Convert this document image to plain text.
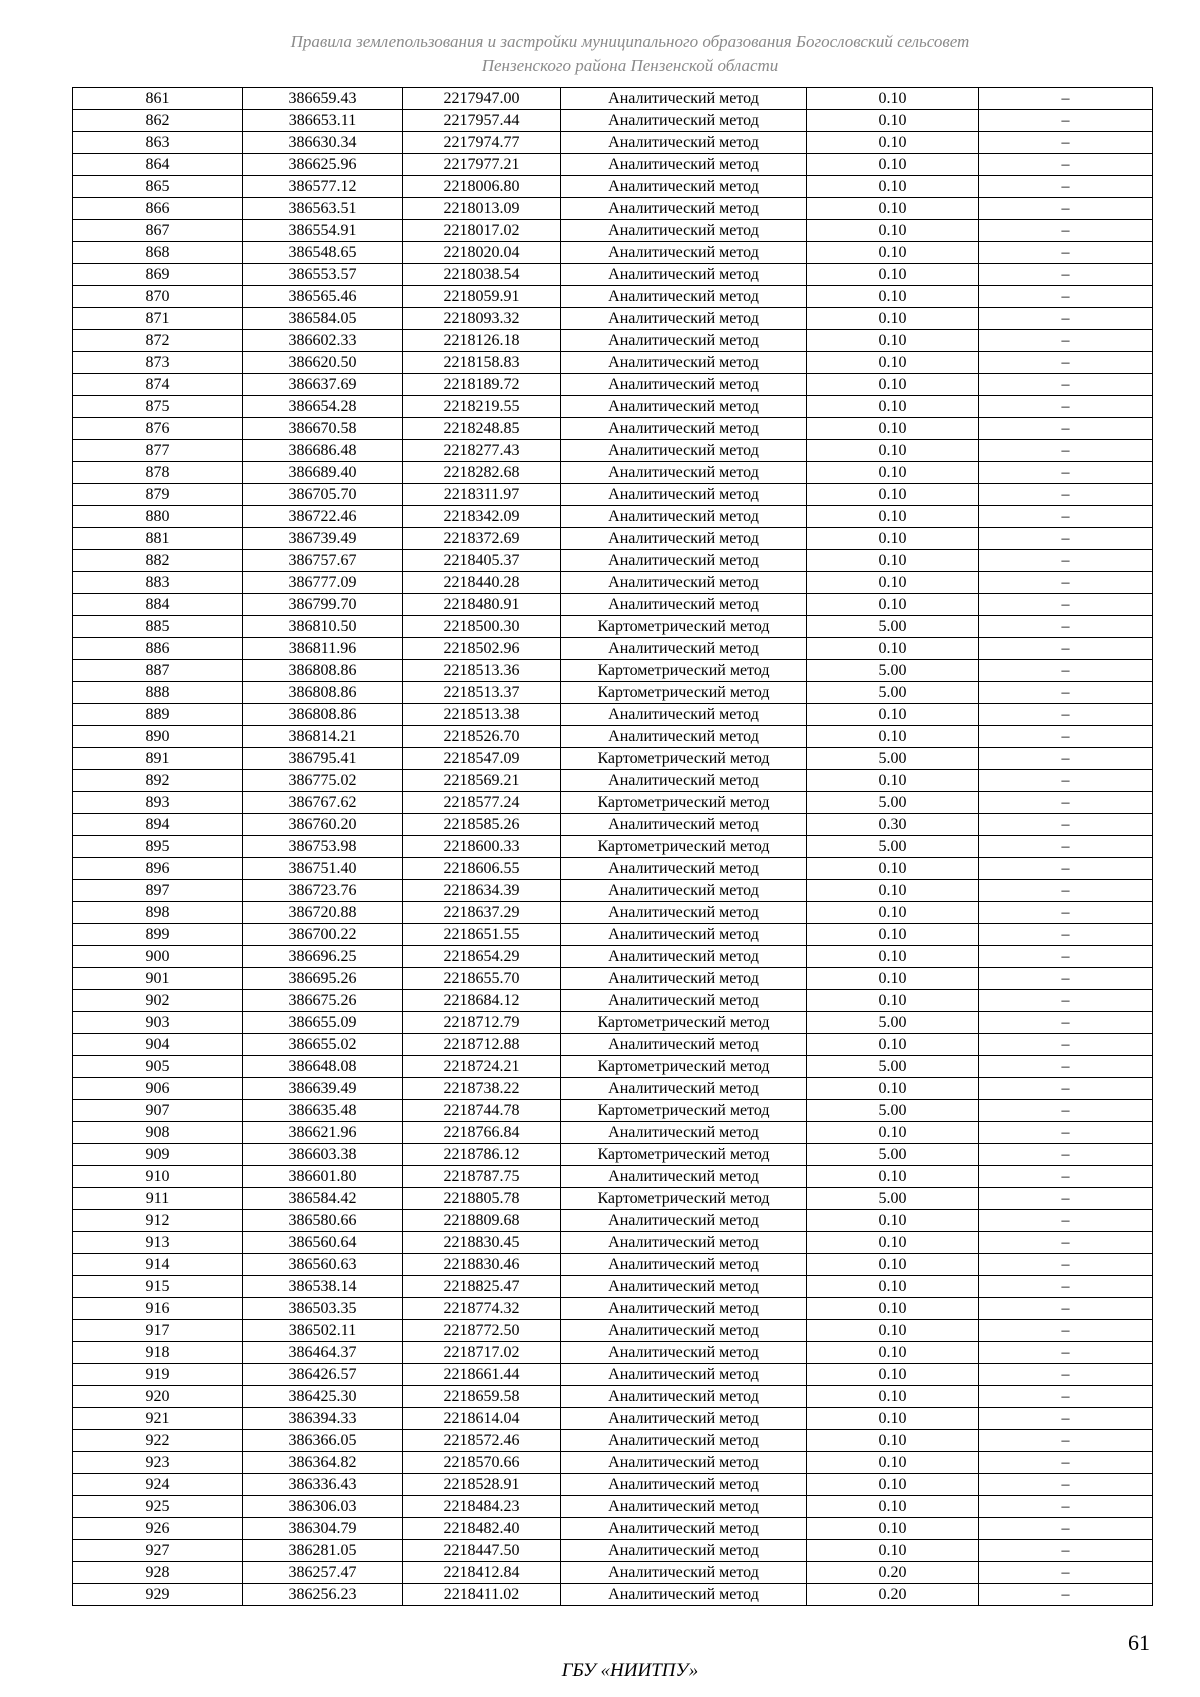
Правила землепользования и застройки муниципального образования Богословский сельсовет
Пензенского района Пензенской области
861	386659.43	2217947.00	Аналитический метод	0.10	–
862	386653.11	2217957.44	Аналитический метод	0.10	–
863	386630.34	2217974.77	Аналитический метод	0.10	–
864	386625.96	2217977.21	Аналитический метод	0.10	–
865	386577.12	2218006.80	Аналитический метод	0.10	–
866	386563.51	2218013.09	Аналитический метод	0.10	–
867	386554.91	2218017.02	Аналитический метод	0.10	–
868	386548.65	2218020.04	Аналитический метод	0.10	–
869	386553.57	2218038.54	Аналитический метод	0.10	–
870	386565.46	2218059.91	Аналитический метод	0.10	–
871	386584.05	2218093.32	Аналитический метод	0.10	–
872	386602.33	2218126.18	Аналитический метод	0.10	–
873	386620.50	2218158.83	Аналитический метод	0.10	–
874	386637.69	2218189.72	Аналитический метод	0.10	–
875	386654.28	2218219.55	Аналитический метод	0.10	–
876	386670.58	2218248.85	Аналитический метод	0.10	–
877	386686.48	2218277.43	Аналитический метод	0.10	–
878	386689.40	2218282.68	Аналитический метод	0.10	–
879	386705.70	2218311.97	Аналитический метод	0.10	–
880	386722.46	2218342.09	Аналитический метод	0.10	–
881	386739.49	2218372.69	Аналитический метод	0.10	–
882	386757.67	2218405.37	Аналитический метод	0.10	–
883	386777.09	2218440.28	Аналитический метод	0.10	–
884	386799.70	2218480.91	Аналитический метод	0.10	–
885	386810.50	2218500.30	Картометрический метод	5.00	–
886	386811.96	2218502.96	Аналитический метод	0.10	–
887	386808.86	2218513.36	Картометрический метод	5.00	–
888	386808.86	2218513.37	Картометрический метод	5.00	–
889	386808.86	2218513.38	Аналитический метод	0.10	–
890	386814.21	2218526.70	Аналитический метод	0.10	–
891	386795.41	2218547.09	Картометрический метод	5.00	–
892	386775.02	2218569.21	Аналитический метод	0.10	–
893	386767.62	2218577.24	Картометрический метод	5.00	–
894	386760.20	2218585.26	Аналитический метод	0.30	–
895	386753.98	2218600.33	Картометрический метод	5.00	–
896	386751.40	2218606.55	Аналитический метод	0.10	–
897	386723.76	2218634.39	Аналитический метод	0.10	–
898	386720.88	2218637.29	Аналитический метод	0.10	–
899	386700.22	2218651.55	Аналитический метод	0.10	–
900	386696.25	2218654.29	Аналитический метод	0.10	–
901	386695.26	2218655.70	Аналитический метод	0.10	–
902	386675.26	2218684.12	Аналитический метод	0.10	–
903	386655.09	2218712.79	Картометрический метод	5.00	–
904	386655.02	2218712.88	Аналитический метод	0.10	–
905	386648.08	2218724.21	Картометрический метод	5.00	–
906	386639.49	2218738.22	Аналитический метод	0.10	–
907	386635.48	2218744.78	Картометрический метод	5.00	–
908	386621.96	2218766.84	Аналитический метод	0.10	–
909	386603.38	2218786.12	Картометрический метод	5.00	–
910	386601.80	2218787.75	Аналитический метод	0.10	–
911	386584.42	2218805.78	Картометрический метод	5.00	–
912	386580.66	2218809.68	Аналитический метод	0.10	–
913	386560.64	2218830.45	Аналитический метод	0.10	–
914	386560.63	2218830.46	Аналитический метод	0.10	–
915	386538.14	2218825.47	Аналитический метод	0.10	–
916	386503.35	2218774.32	Аналитический метод	0.10	–
917	386502.11	2218772.50	Аналитический метод	0.10	–
918	386464.37	2218717.02	Аналитический метод	0.10	–
919	386426.57	2218661.44	Аналитический метод	0.10	–
920	386425.30	2218659.58	Аналитический метод	0.10	–
921	386394.33	2218614.04	Аналитический метод	0.10	–
922	386366.05	2218572.46	Аналитический метод	0.10	–
923	386364.82	2218570.66	Аналитический метод	0.10	–
924	386336.43	2218528.91	Аналитический метод	0.10	–
925	386306.03	2218484.23	Аналитический метод	0.10	–
926	386304.79	2218482.40	Аналитический метод	0.10	–
927	386281.05	2218447.50	Аналитический метод	0.10	–
928	386257.47	2218412.84	Аналитический метод	0.20	–
929	386256.23	2218411.02	Аналитический метод	0.20	–
61
ГБУ «НИИТПУ»
